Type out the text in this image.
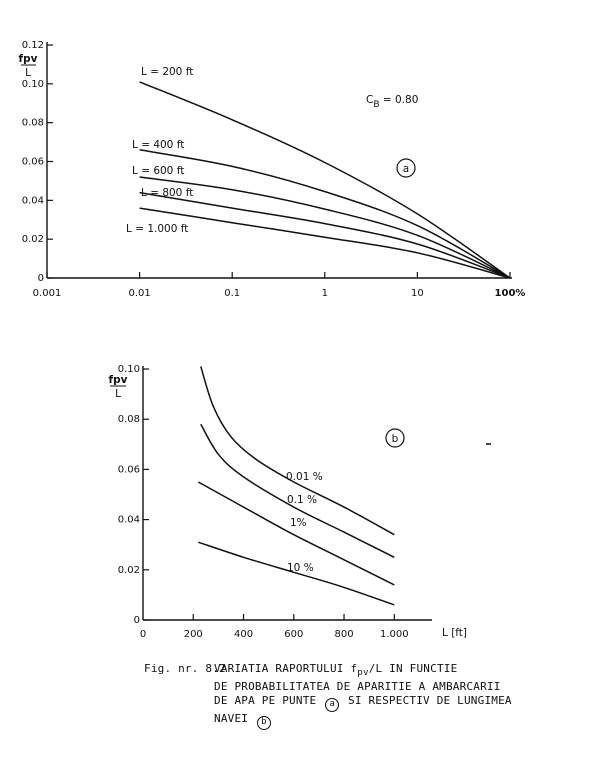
0
0.02
0.04
0.06
0.08
0.10
0.12
0.001	0.01	0.1	1	10	100%
fpv
L	L = 200 ft
L = 400 ft
L = 600 ft
L = 800 ft
L = 1.000 ft
CB = 0.80
a
0
0.02
0.04
0.06
0.08
0.10
0	200	400	600	800	1.000	L [ft]
fpv
L
0.01 %
0.1 %
1%
10 %
b
Fig. nr. 8.2
VARIATIA RAPORTULUI $f_{pv}/L$ IN FUNCTIE
DE PROBABILITATEA DE APARITIE A AMBARCARII
DE APA PE PUNTE a SI RESPECTIV DE LUNGIMEA
NAVEI b
